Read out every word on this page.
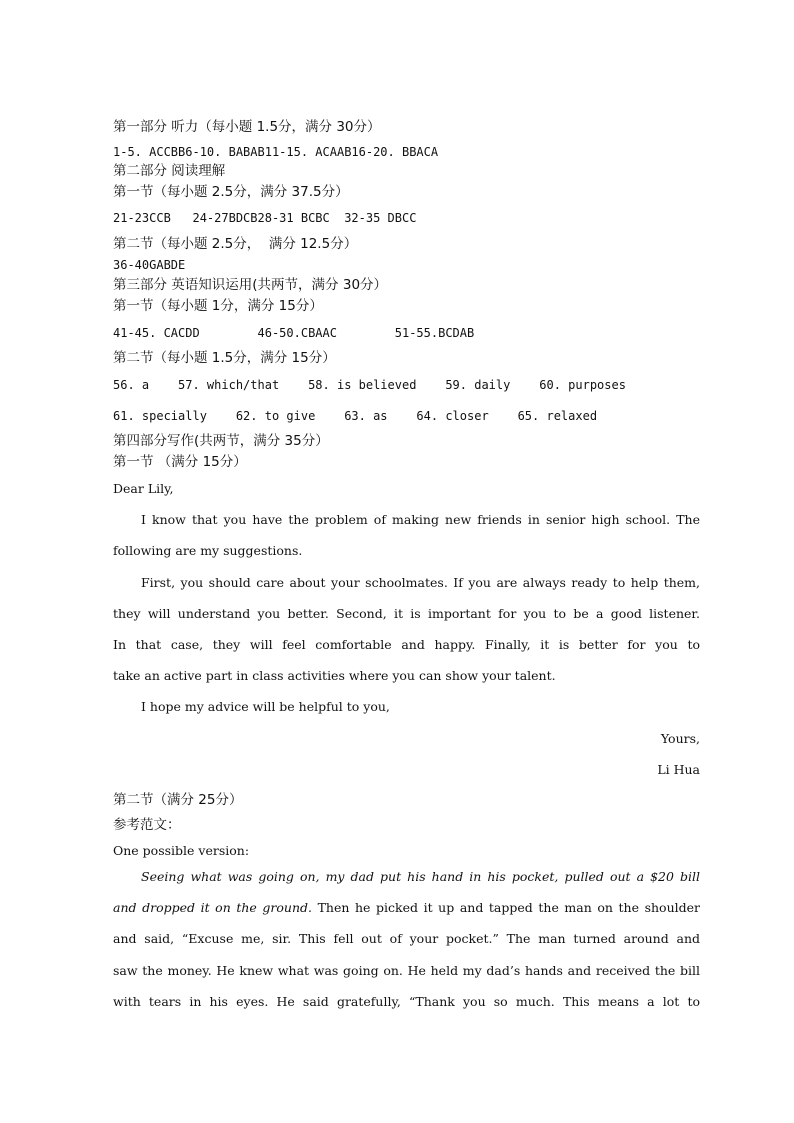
第一部分 听力（每小题 1.5分，满分 30分）
1-5. ACCBB6-10. BABAB11-15. ACAAB16-20. BBACA
第二部分 阅读理解
第一节（每小题 2.5分，满分 37.5分）
21-23CCB   24-27BDCB28-31 BCBC  32-35 DBCC
第二节（每小题 2.5分，  满分 12.5分）
36-40GABDE
第三部分 英语知识运用(共两节，满分 30分）
第一节（每小题 1分，满分 15分）
41-45. CACDD        46-50.CBAAC        51-55.BCDAB
第二节（每小题 1.5分，满分 15分）
56. a    57. which/that    58. is believed    59. daily    60. purposes
61. specially    62. to give    63. as    64. closer    65. relaxed
第四部分写作(共两节，满分 35分）
第一节 （满分 15分）
Dear Lily,
I know that you have the problem of making new friends in senior high school. The
following are my suggestions.
First, you should care about your schoolmates. If you are always ready to help them,
they will understand you better. Second, it is important for you to be a good listener.
In that case, they will feel comfortable and happy. Finally, it is better for you to
take an active part in class activities where you can show your talent.
I hope my advice will be helpful to you,
Yours,
Li Hua
第二节（满分 25分）
参考范文：
One possible version:
Seeing what was going on, my dad put his hand in his pocket, pulled out a $20 bill
and dropped it on the ground. Then he picked it up and tapped the man on the shoulder
and said, “Excuse me, sir. This fell out of your pocket.” The man turned around and
saw the money. He knew what was going on. He held my dad’s hands and received the bill
with tears in his eyes. He said gratefully, “Thank you so much. This means a lot to
